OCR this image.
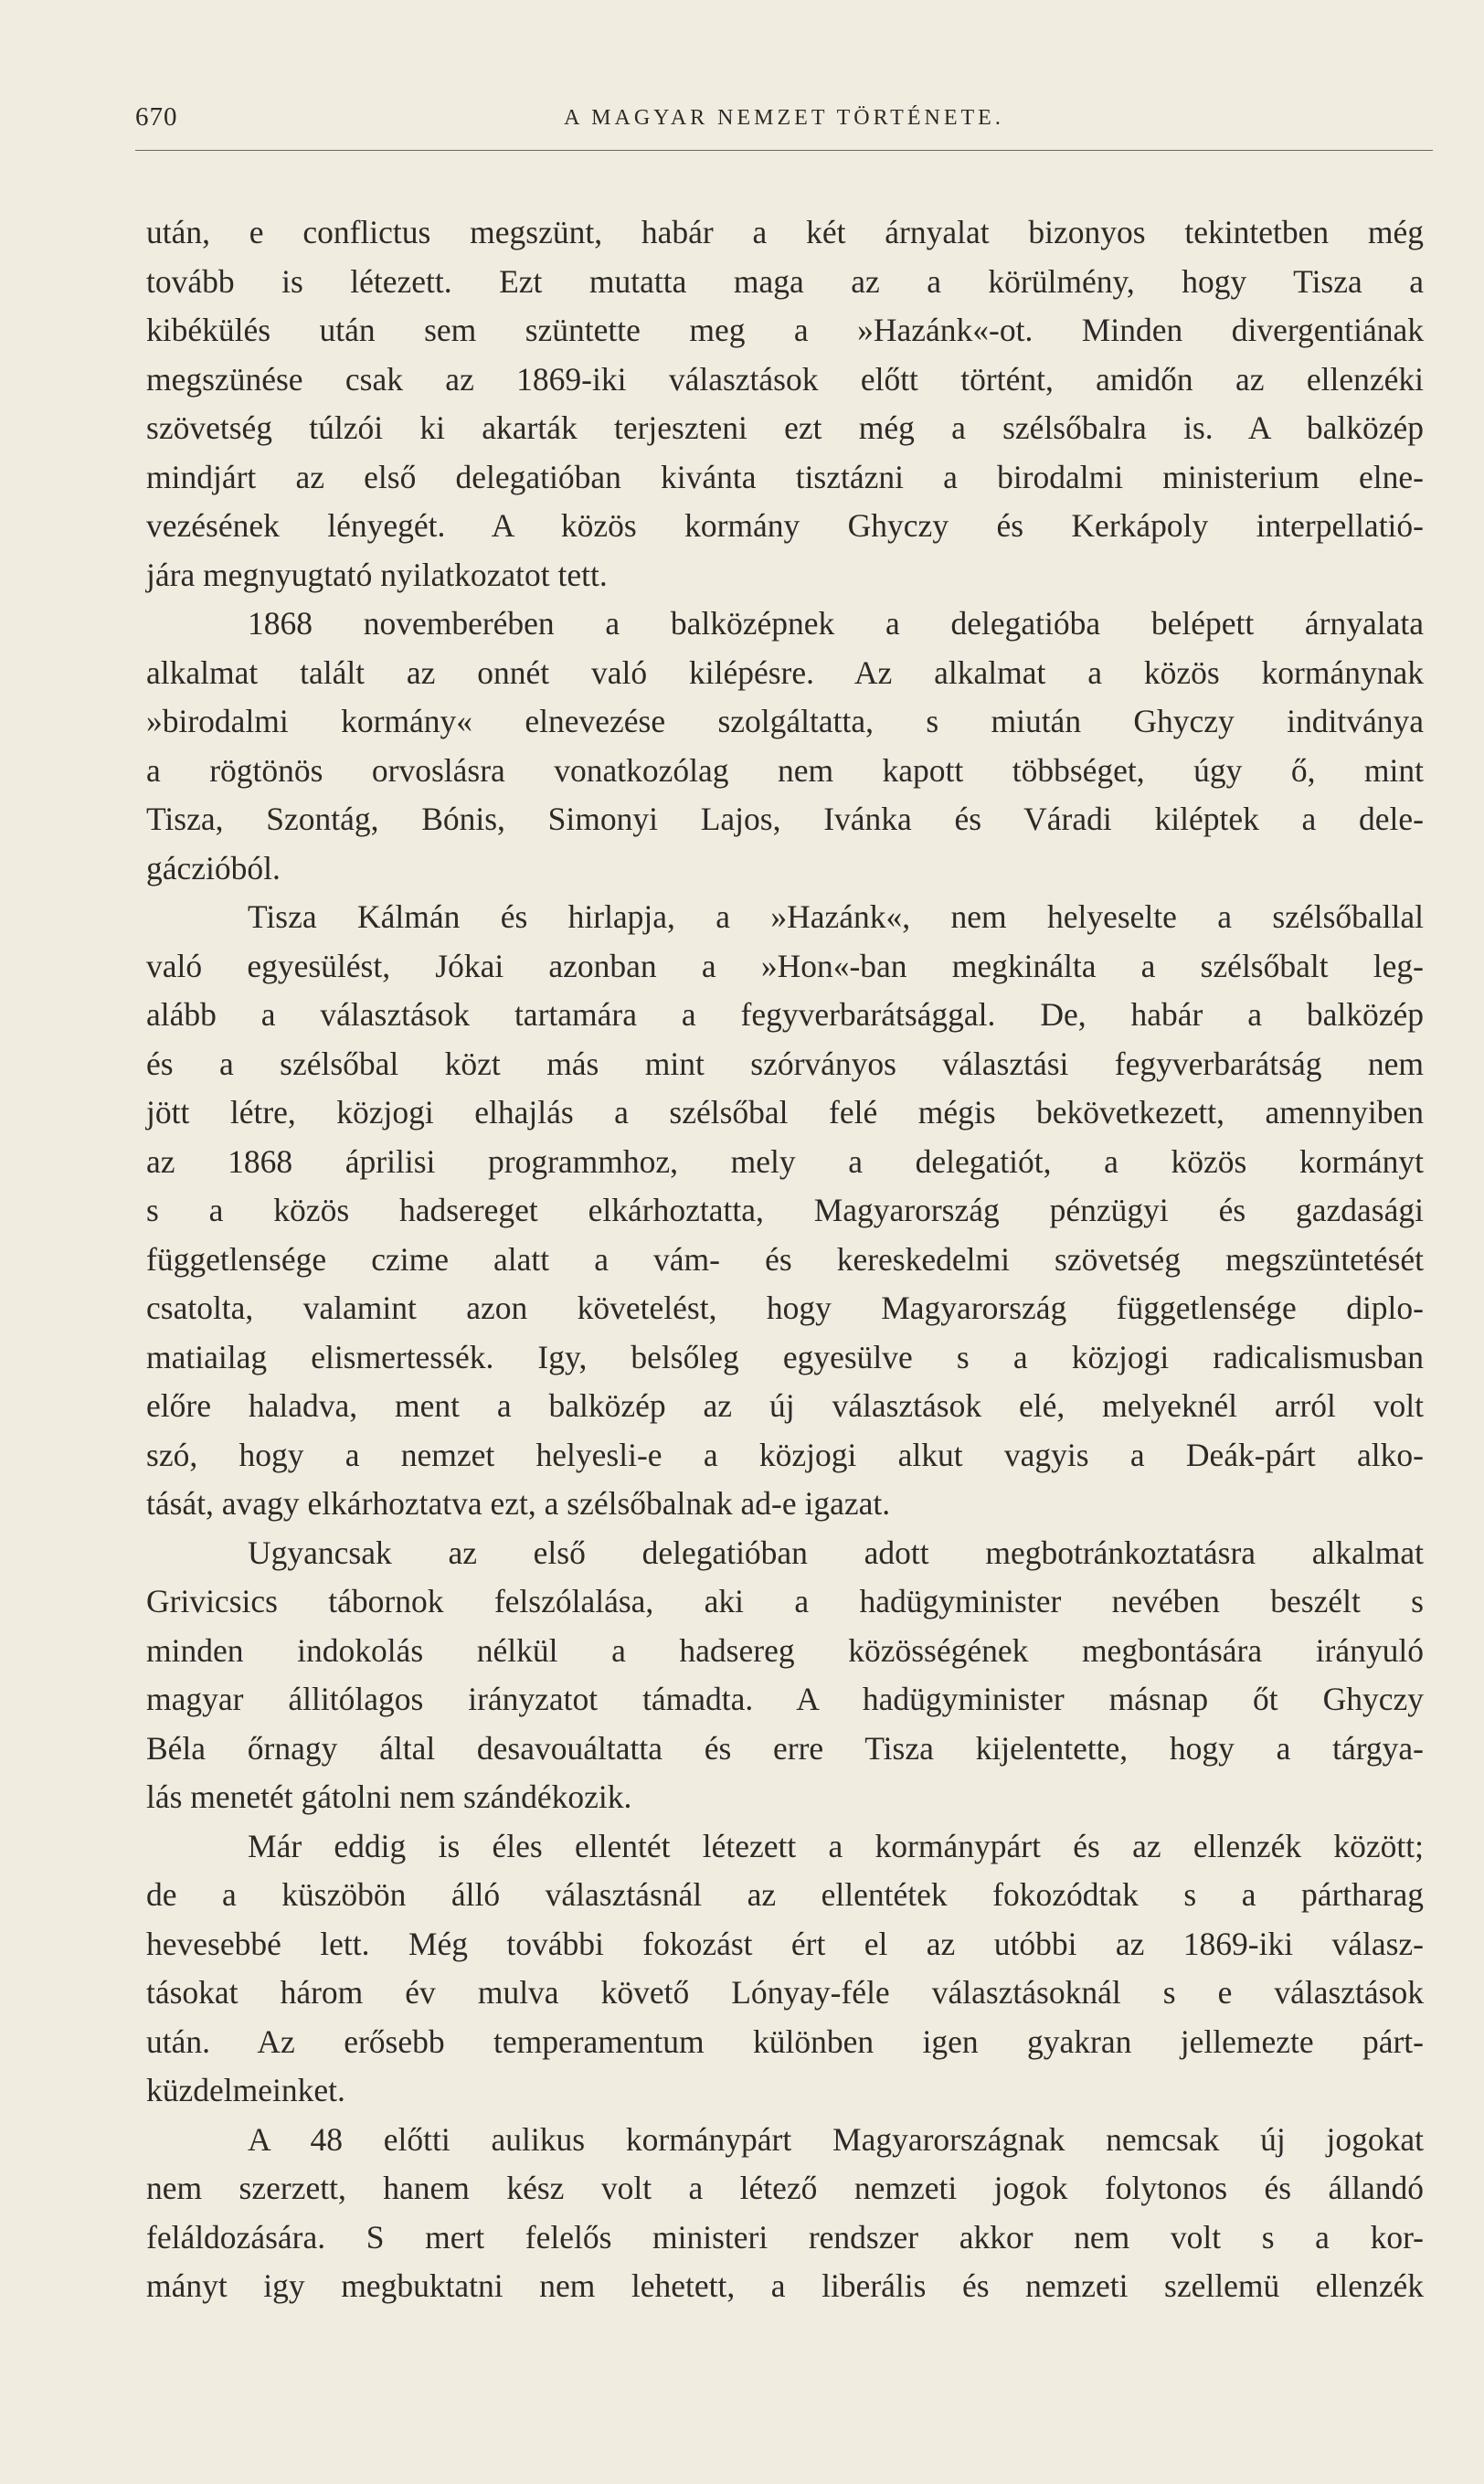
670	A MAGYAR NEMZET TÖRTÉNETE.
után, e conflictus megszünt, habár a két árnyalat bizonyos tekintetben még
tovább is létezett. Ezt mutatta maga az a körülmény, hogy Tisza a
kibékülés után sem szüntette meg a »Hazánk«-ot. Minden divergentiának
megszünése csak az 1869-iki választások előtt történt, amidőn az ellenzéki
szövetség túlzói ki akarták terjeszteni ezt még a szélsőbalra is. A balközép
mindjárt az első delegatióban kivánta tisztázni a birodalmi ministerium elne-
vezésének lényegét. A közös kormány Ghyczy és Kerkápoly interpellatió-
jára megnyugtató nyilatkozatot tett.
1868 novemberében a balközépnek a delegatióba belépett árnyalata
alkalmat talált az onnét való kilépésre. Az alkalmat a közös kormánynak
»birodalmi kormány« elnevezése szolgáltatta, s miután Ghyczy inditványa
a rögtönös orvoslásra vonatkozólag nem kapott többséget, úgy ő, mint
Tisza, Szontág, Bónis, Simonyi Lajos, Ivánka és Váradi kiléptek a dele-
gáczióból.
Tisza Kálmán és hirlapja, a »Hazánk«, nem helyeselte a szélsőballal
való egyesülést, Jókai azonban a »Hon«-ban megkinálta a szélsőbalt leg-
alább a választások tartamára a fegyverbarátsággal. De, habár a balközép
és a szélsőbal közt más mint szórványos választási fegyverbarátság nem
jött létre, közjogi elhajlás a szélsőbal felé mégis bekövetkezett, amennyiben
az 1868 áprilisi programmhoz, mely a delegatiót, a közös kormányt
s a közös hadsereget elkárhoztatta, Magyarország pénzügyi és gazdasági
függetlensége czime alatt a vám- és kereskedelmi szövetség megszüntetését
csatolta, valamint azon követelést, hogy Magyarország függetlensége diplo-
matiailag elismertessék. Igy, belsőleg egyesülve s a közjogi radicalismusban
előre haladva, ment a balközép az új választások elé, melyeknél arról volt
szó, hogy a nemzet helyesli-e a közjogi alkut vagyis a Deák-párt alko-
tását, avagy elkárhoztatva ezt, a szélsőbalnak ad-e igazat.
Ugyancsak az első delegatióban adott megbotránkoztatásra alkalmat
Grivicsics tábornok felszólalása, aki a hadügyminister nevében beszélt s
minden indokolás nélkül a hadsereg közösségének megbontására irányuló
magyar állitólagos irányzatot támadta. A hadügyminister másnap őt Ghyczy
Béla őrnagy által desavouáltatta és erre Tisza kijelentette, hogy a tárgya-
lás menetét gátolni nem szándékozik.
Már eddig is éles ellentét létezett a kormánypárt és az ellenzék között;
de a küszöbön álló választásnál az ellentétek fokozódtak s a pártharag
hevesebbé lett. Még további fokozást ért el az utóbbi az 1869-iki válasz-
tásokat három év mulva követő Lónyay-féle választásoknál s e választások
után. Az erősebb temperamentum különben igen gyakran jellemezte párt-
küzdelmeinket.
A 48 előtti aulikus kormánypárt Magyarországnak nemcsak új jogokat
nem szerzett, hanem kész volt a létező nemzeti jogok folytonos és állandó
feláldozására. S mert felelős ministeri rendszer akkor nem volt s a kor-
mányt igy megbuktatni nem lehetett, a liberális és nemzeti szellemü ellenzék
